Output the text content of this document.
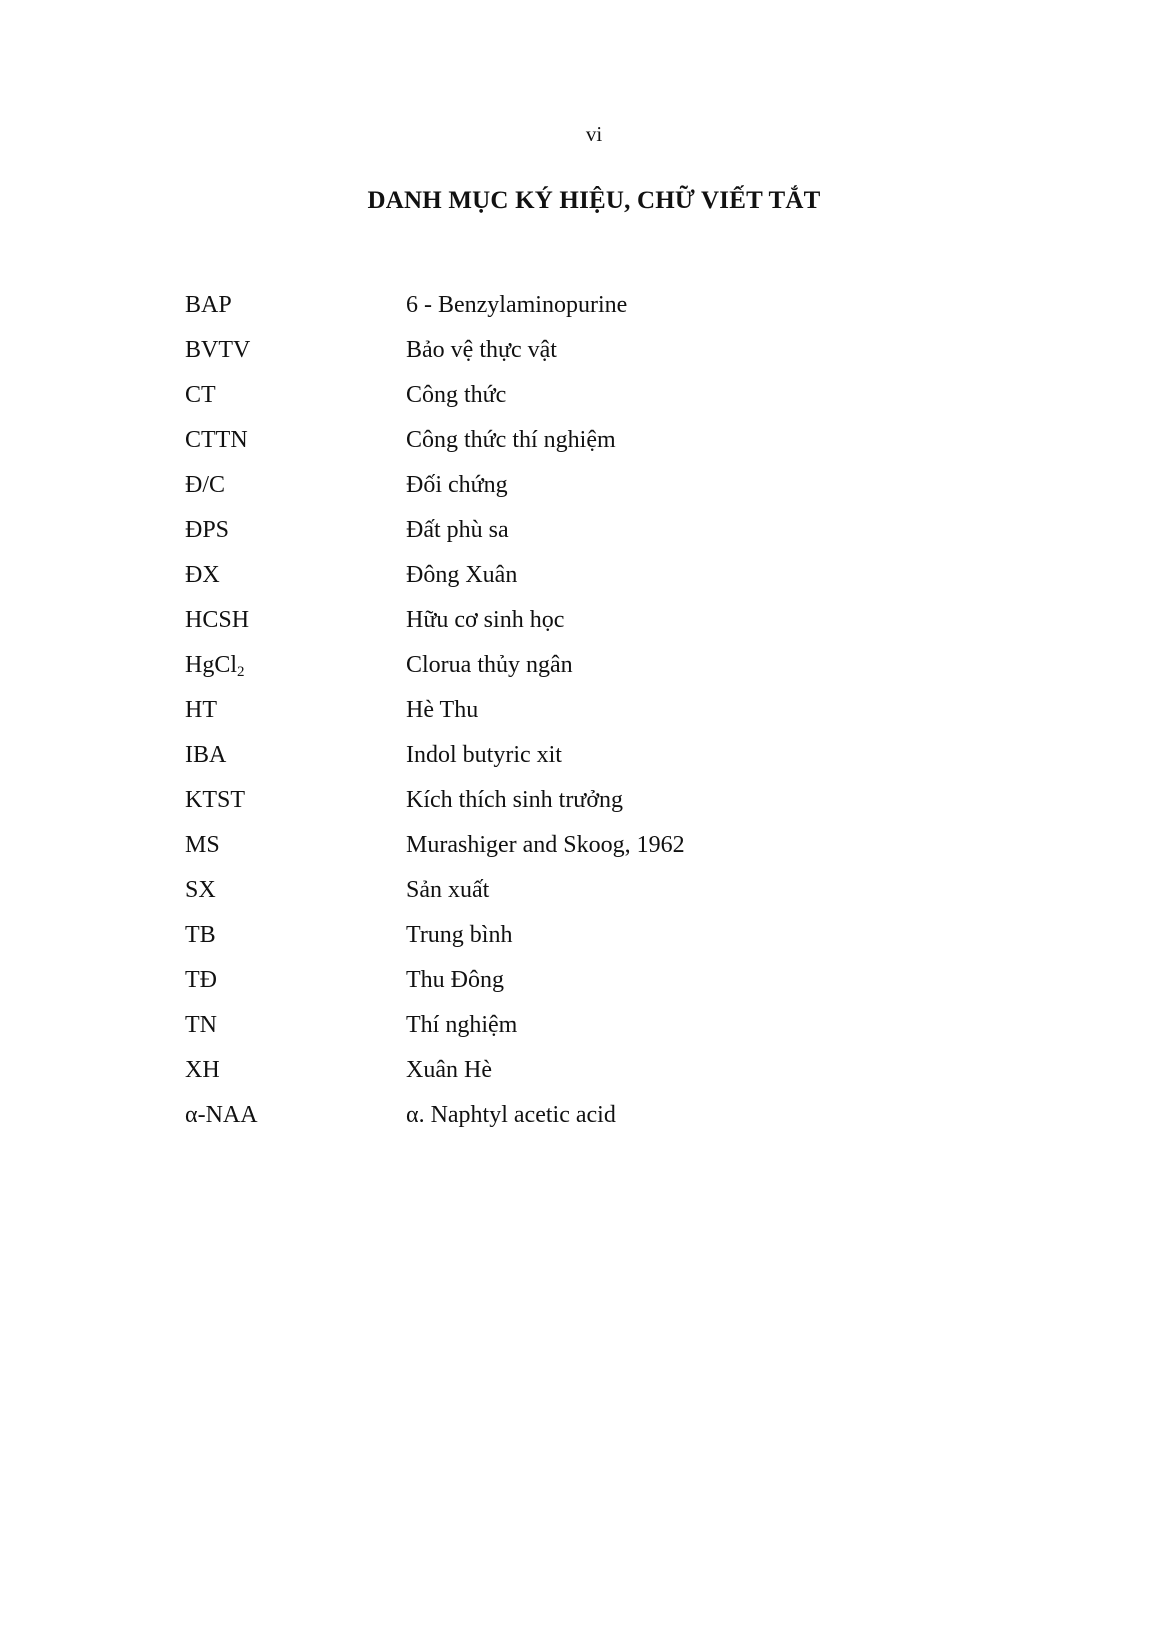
vi
DANH MỤC KÝ HIỆU, CHỮ VIẾT TẮT
BAP	6 - Benzylaminopurine
BVTV	Bảo vệ thực vật
CT	Công thức
CTTN	Công thức thí nghiệm
Đ/C	Đối chứng
ĐPS	Đất phù sa
ĐX	Đông Xuân
HCSH	Hữu cơ sinh học
HgCl$_2$	Clorua thủy ngân
HT	Hè Thu
IBA	Indol butyric xit
KTST	Kích thích sinh trưởng
MS	Murashiger and Skoog, 1962
SX	Sản xuất
TB	Trung bình
TĐ	Thu Đông
TN	Thí nghiệm
XH	Xuân Hè
α-NAA	α. Naphtyl acetic acid
